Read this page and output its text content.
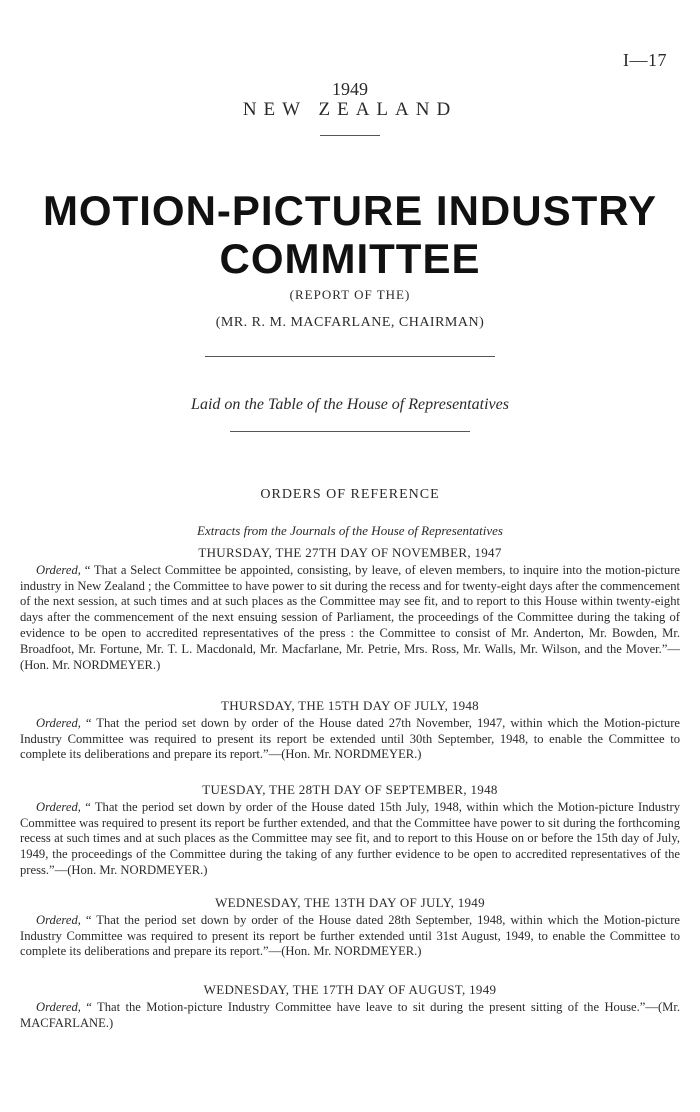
I—17
1949
NEW ZEALAND
MOTION-PICTURE INDUSTRY
COMMITTEE
(REPORT OF THE)
(MR. R. M. MACFARLANE, CHAIRMAN)
Laid on the Table of the House of Representatives
ORDERS OF REFERENCE
Extracts from the Journals of the House of Representatives
THURSDAY, THE 27TH DAY OF NOVEMBER, 1947

Ordered, “ That a Select Committee be appointed, consisting, by leave, of eleven members, to inquire into the motion-picture industry in New Zealand ; the Committee to have power to sit during the recess and for twenty-eight days after the commencement of the next session, at such times and at such places as the Committee may see fit, and to report to this House within twenty-eight days after the commencement of the next ensuing session of Parliament, the proceedings of the Committee during the taking of evidence to be open to accredited representatives of the press : the Committee to consist of Mr. Anderton, Mr. Bowden, Mr. Broadfoot, Mr. Fortune, Mr. T. L. Macdonald, Mr. Macfarlane, Mr. Petrie, Mrs. Ross, Mr. Walls, Mr. Wilson, and the Mover.”—(Hon. Mr. NORDMEYER.)

THURSDAY, THE 15TH DAY OF JULY, 1948

Ordered, “ That the period set down by order of the House dated 27th November, 1947, within which the Motion-picture Industry Committee was required to present its report be extended until 30th September, 1948, to enable the Committee to complete its deliberations and prepare its report.”—(Hon. Mr. NORDMEYER.)

TUESDAY, THE 28TH DAY OF SEPTEMBER, 1948

Ordered, “ That the period set down by order of the House dated 15th July, 1948, within which the Motion-picture Industry Committee was required to present its report be further extended, and that the Committee have power to sit during the forthcoming recess at such times and at such places as the Committee may see fit, and to report to this House on or before the 15th day of July, 1949, the proceedings of the Committee during the taking of any further evidence to be open to accredited representatives of the press.”—(Hon. Mr. NORDMEYER.)

WEDNESDAY, THE 13TH DAY OF JULY, 1949

Ordered, “ That the period set down by order of the House dated 28th September, 1948, within which the Motion-picture Industry Committee was required to present its report be further extended until 31st August, 1949, to enable the Committee to complete its deliberations and prepare its report.”—(Hon. Mr. NORDMEYER.)

WEDNESDAY, THE 17TH DAY OF AUGUST, 1949

Ordered, “ That the Motion-picture Industry Committee have leave to sit during the present sitting of the House.”—(Mr. MACFARLANE.)
